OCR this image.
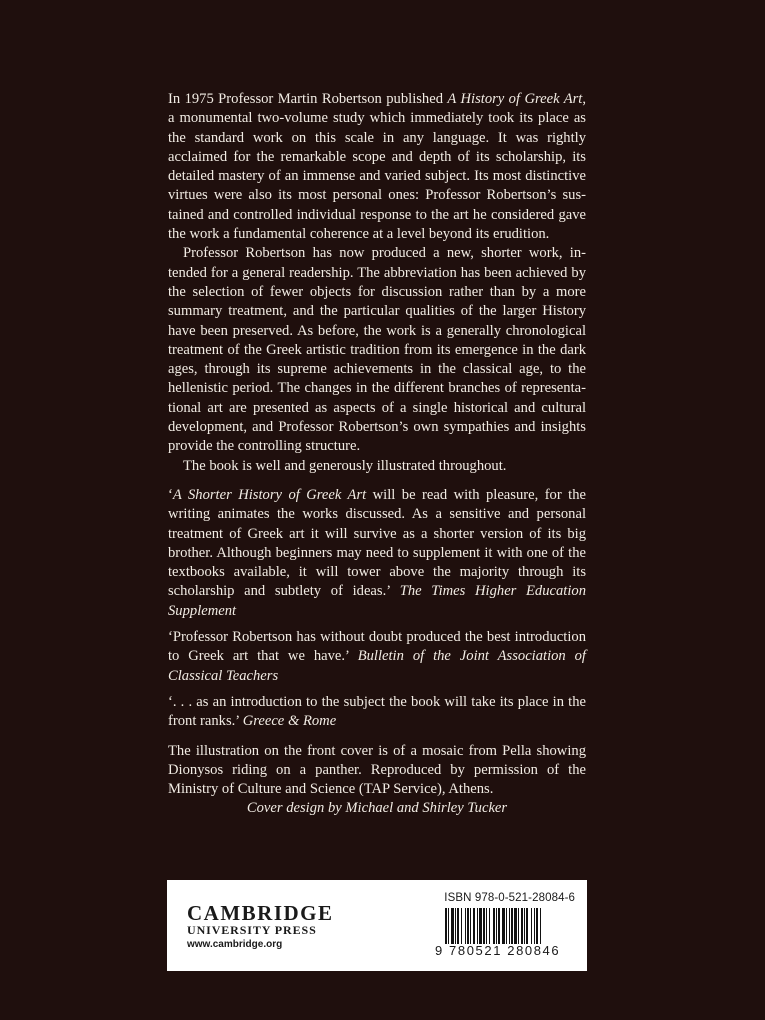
In 1975 Professor Martin Robertson published A History of Greek Art, a monumental two-volume study which immediately took its place as the standard work on this scale in any language. It was rightly acclaimed for the remarkable scope and depth of its scholarship, its detailed mastery of an immense and varied subject. Its most distinctive virtues were also its most personal ones: Professor Robertson’s sustained and controlled individual response to the art he considered gave the work a fundamental coherence at a level beyond its erudition.

Professor Robertson has now produced a new, shorter work, intended for a general readership. The abbreviation has been achieved by the selection of fewer objects for discussion rather than by a more summary treatment, and the particular qualities of the larger History have been preserved. As before, the work is a generally chronological treatment of the Greek artistic tradition from its emergence in the dark ages, through its supreme achievements in the classical age, to the hellenistic period. The changes in the different branches of representational art are presented as aspects of a single historical and cultural development, and Professor Robertson’s own sympathies and insights provide the controlling structure.

The book is well and generously illustrated throughout.

‘A Shorter History of Greek Art will be read with pleasure, for the writing animates the works discussed. As a sensitive and personal treatment of Greek art it will survive as a shorter version of its big brother. Although beginners may need to supplement it with one of the textbooks available, it will tower above the majority through its scholarship and subtlety of ideas.’ The Times Higher Education Supplement

‘Professor Robertson has without doubt produced the best introduction to Greek art that we have.’ Bulletin of the Joint Association of Classical Teachers

‘. . . as an introduction to the subject the book will take its place in the front ranks.’ Greece & Rome

The illustration on the front cover is of a mosaic from Pella showing Dionysos riding on a panther. Reproduced by permission of the Ministry of Culture and Science (TAP Service), Athens.

Cover design by Michael and Shirley Tucker

CAMBRIDGE
UNIVERSITY PRESS
www.cambridge.org
ISBN 978-0-521-28084-6
9 780521 280846
